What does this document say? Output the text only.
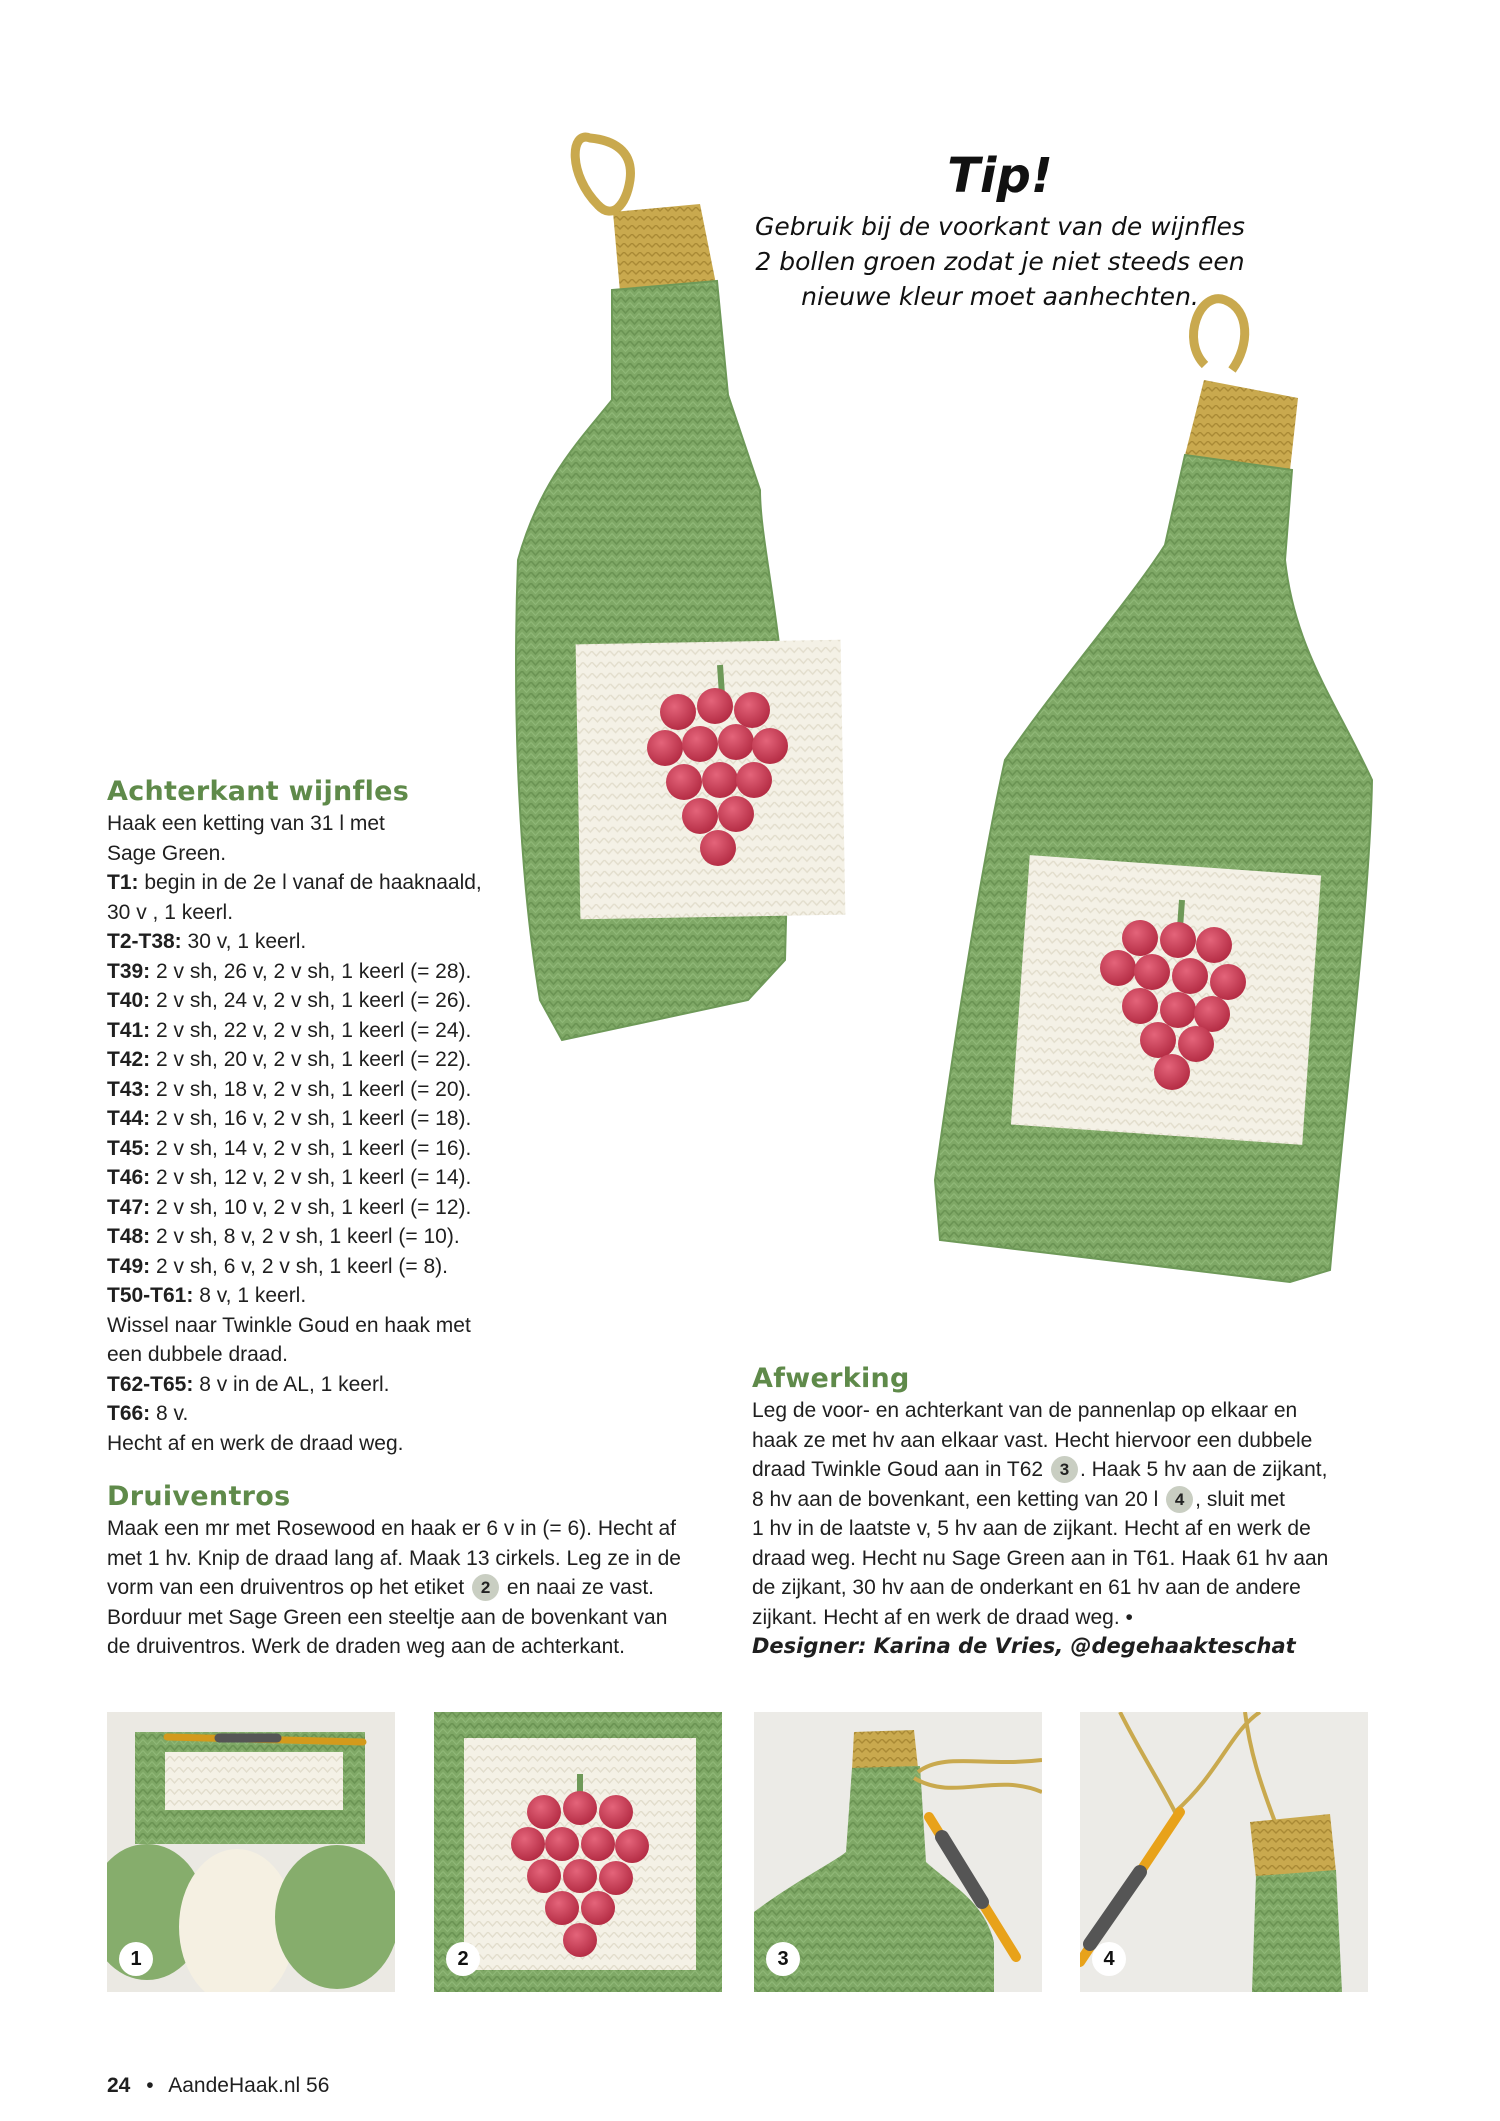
Tip!
Gebruik bij de voorkant van de wijnfles
2 bollen groen zodat je niet steeds een
nieuwe kleur moet aanhechten.
Achterkant wijnfles
Haak een ketting van 31 l met
Sage Green.
T1: begin in de 2e l vanaf de haaknaald,
30 v , 1 keerl.
T2-T38: 30 v, 1 keerl.
T39: 2 v sh, 26 v, 2 v sh, 1 keerl (= 28).
T40: 2 v sh, 24 v, 2 v sh, 1 keerl (= 26).
T41: 2 v sh, 22 v, 2 v sh, 1 keerl (= 24).
T42: 2 v sh, 20 v, 2 v sh, 1 keerl (= 22).
T43: 2 v sh, 18 v, 2 v sh, 1 keerl (= 20).
T44: 2 v sh, 16 v, 2 v sh, 1 keerl (= 18).
T45: 2 v sh, 14 v, 2 v sh, 1 keerl (= 16).
T46: 2 v sh, 12 v, 2 v sh, 1 keerl (= 14).
T47: 2 v sh, 10 v, 2 v sh, 1 keerl (= 12).
T48: 2 v sh, 8 v, 2 v sh, 1 keerl (= 10).
T49: 2 v sh, 6 v, 2 v sh, 1 keerl (= 8).
T50-T61: 8 v, 1 keerl.
Wissel naar Twinkle Goud en haak met
een dubbele draad.
T62-T65: 8 v in de AL, 1 keerl.
T66: 8 v.
Hecht af en werk de draad weg.
Druiventros
Maak een mr met Rosewood en haak er 6 v in (= 6). Hecht af
met 1 hv. Knip de draad lang af. Maak 13 cirkels. Leg ze in de
vorm van een druiventros op het etiket 2 en naai ze vast.
Borduur met Sage Green een steeltje aan de bovenkant van
de druiventros. Werk de draden weg aan de achterkant.
Afwerking
Leg de voor- en achterkant van de pannenlap op elkaar en
haak ze met hv aan elkaar vast. Hecht hiervoor een dubbele
draad Twinkle Goud aan in T62 3 . Haak 5 hv aan de zijkant,
8 hv aan de bovenkant, een ketting van 20 l 4 , sluit met
1 hv in de laatste v, 5 hv aan de zijkant. Hecht af en werk de
draad weg. Hecht nu Sage Green aan in T61. Haak 61 hv aan
de zijkant, 30 hv aan de onderkant en 61 hv aan de andere
zijkant. Hecht af en werk de draad weg. •
Designer: Karina de Vries, @degehaakteschat
1	2	3	4
24 • AandeHaak.nl 56
